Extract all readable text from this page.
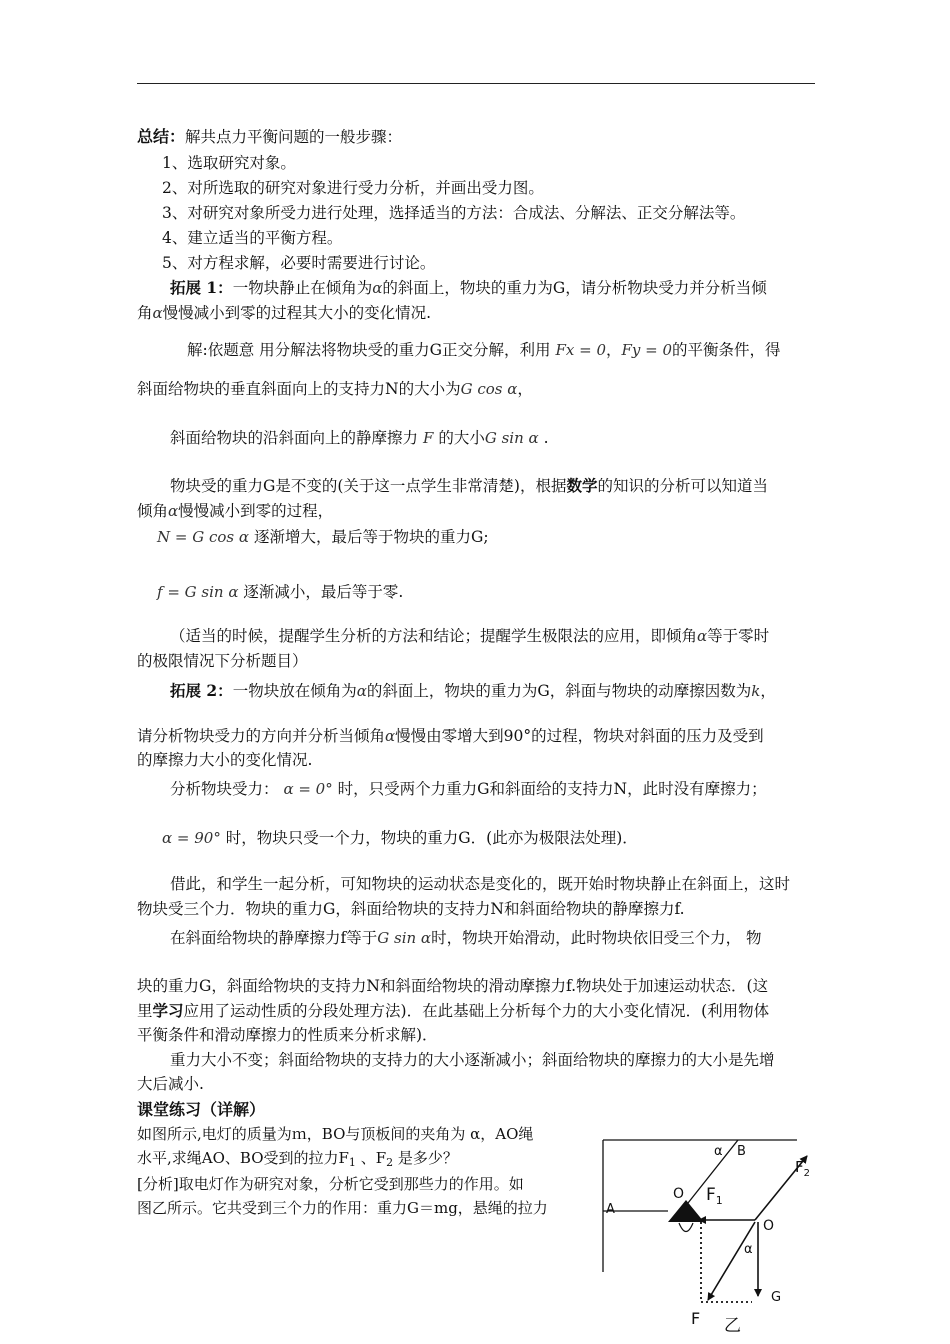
总结：解共点力平衡问题的一般步骤：
1、选取研究对象。
2、对所选取的研究对象进行受力分析，并画出受力图。
3、对研究对象所受力进行处理，选择适当的方法：合成法、分解法、正交分解法等。
4、建立适当的平衡方程。
5、对方程求解，必要时需要进行讨论。
拓展 1：一物块静止在倾角为α的斜面上，物块的重力为G，请分析物块受力并分析当倾
角α慢慢减小到零的过程其大小的变化情况.
解:依题意 用分解法将物块受的重力G正交分解，利用 Fx = 0，Fy = 0的平衡条件，得
斜面给物块的垂直斜面向上的支持力N的大小为G cos α，
斜面给物块的沿斜面向上的静摩擦力 F 的大小G sin α .
物块受的重力G是不变的(关于这一点学生非常清楚)，根据数学的知识的分析可以知道当
倾角α慢慢减小到零的过程，
N = G cos α 逐渐增大，最后等于物块的重力G;
f = G sin α 逐渐减小，最后等于零.
（适当的时候，提醒学生分析的方法和结论；提醒学生极限法的应用，即倾角α等于零时
的极限情况下分析题目）
拓展 2：一物块放在倾角为α的斜面上，物块的重力为G，斜面与物块的动摩擦因数为k，
请分析物块受力的方向并分析当倾角α慢慢由零增大到90°的过程，物块对斜面的压力及受到
的摩擦力大小的变化情况.
分析物块受力： α = 0° 时，只受两个力重力G和斜面给的支持力N，此时没有摩擦力；
α = 90° 时，物块只受一个力，物块的重力G．(此亦为极限法处理)．
借此，和学生一起分析，可知物块的运动状态是变化的，既开始时物块静止在斜面上，这时
物块受三个力．物块的重力G，斜面给物块的支持力N和斜面给物块的静摩擦力f.
在斜面给物块的静摩擦力f等于G sin α时，物块开始滑动，此时物块依旧受三个力， 物
块的重力G，斜面给物块的支持力N和斜面给物块的滑动摩擦力f.物块处于加速运动状态．(这
里学习应用了运动性质的分段处理方法)．在此基础上分析每个力的大小变化情况．(利用物体
平衡条件和滑动摩擦力的性质来分析求解)．
重力大小不变；斜面给物块的支持力的大小逐渐减小；斜面给物块的摩擦力的大小是先增
大后减小.
课堂练习（详解）
如图所示,电灯的质量为ｍ，BO与顶板间的夹角为 α，AO绳
水平,求绳AO、BO受到的拉力$F_1$ 、$F_2$ 是多少？
[分析]取电灯作为研究对象，分析它受到那些力的作用。如
图乙所示。它共受到三个力的作用：重力G＝mg，悬绳的拉力
α B
$F_2$
O $F_1$
A
O
α
G
F 乙
